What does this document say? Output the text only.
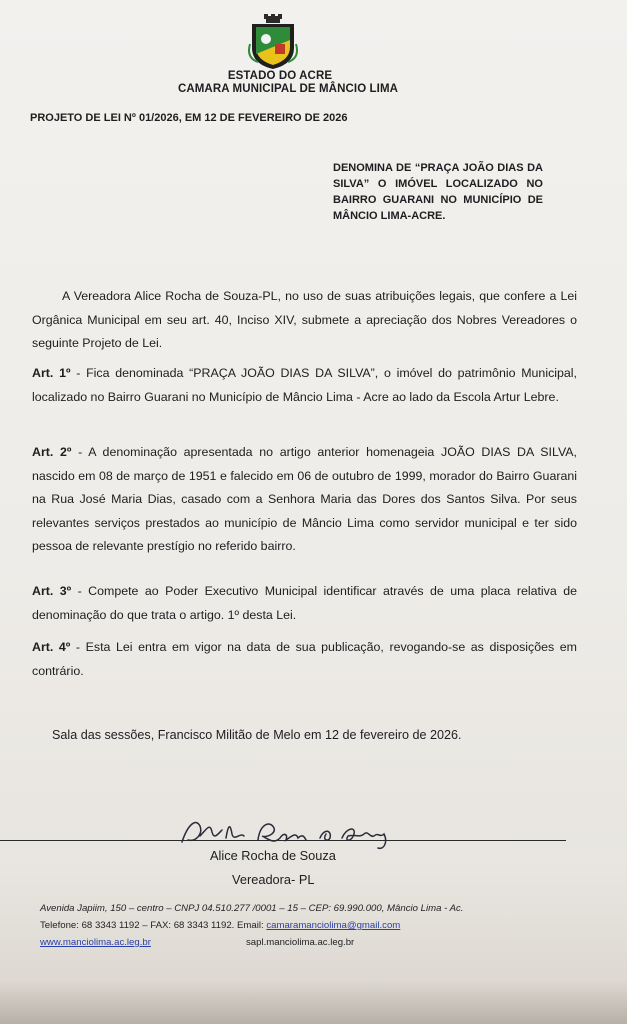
ESTADO DO ACRE
CAMARA MUNICIPAL DE MÂNCIO LIMA
PROJETO DE LEI Nº 01/2026, EM 12 DE FEVEREIRO DE 2026
DENOMINA DE “PRAÇA JOÃO DIAS DA SILVA” O IMÓVEL LOCALIZADO NO BAIRRO GUARANI NO MUNICÍPIO DE MÂNCIO LIMA-ACRE.
A Vereadora Alice Rocha de Souza-PL, no uso de suas atribuições legais, que confere a Lei Orgânica Municipal em seu art. 40, Inciso XIV, submete a apreciação dos Nobres Vereadores o seguinte Projeto de Lei.
Art. 1º - Fica denominada “PRAÇA JOÃO DIAS DA SILVA”, o imóvel do patrimônio Municipal, localizado no Bairro Guarani no Município de Mâncio Lima - Acre ao lado da Escola Artur Lebre.
Art. 2º - A denominação apresentada no artigo anterior homenageia JOÃO DIAS DA SILVA, nascido em 08 de março de 1951 e falecido em 06 de outubro de 1999, morador do Bairro Guarani na Rua José Maria Dias, casado com a Senhora Maria das Dores dos Santos Silva. Por seus relevantes serviços prestados ao município de Mâncio Lima como servidor municipal e ter sido pessoa de relevante prestígio no referido bairro.
Art. 3º - Compete ao Poder Executivo Municipal identificar através de uma placa relativa de denominação do que trata o artigo. 1º desta Lei.
Art. 4º - Esta Lei entra em vigor na data de sua publicação, revogando-se as disposições em contrário.
Sala das sessões, Francisco Militão de Melo em 12 de fevereiro de 2026.
Alice Rocha de Souza
Vereadora- PL
Avenida Japiim, 150 – centro – CNPJ 04.510.277 /0001 – 15 – CEP: 69.990.000, Mâncio Lima - Ac.
Telefone: 68 3343 1192 – FAX: 68 3343 1192. Email: camaramanciolima@gmail.com
www.manciolima.ac.leg.br	sapl.manciolima.ac.leg.br
